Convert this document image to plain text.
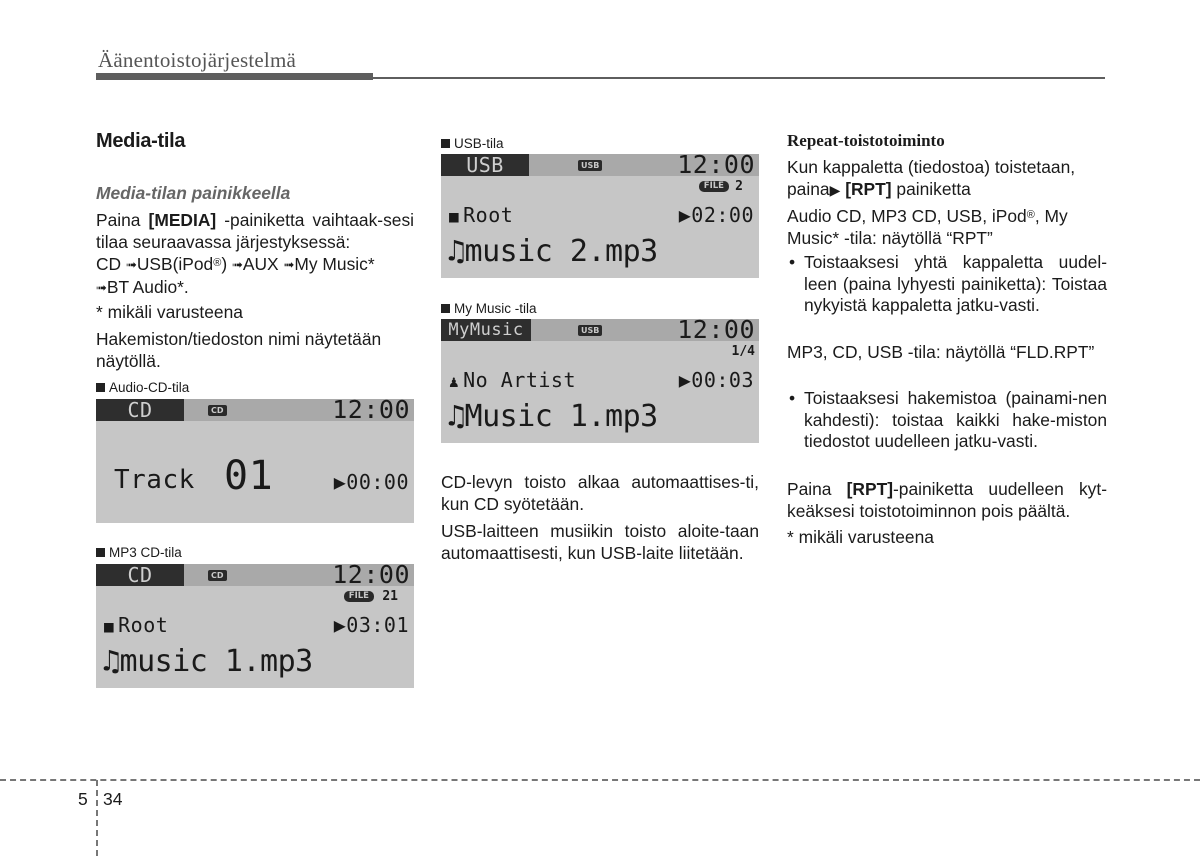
Äänentoistojärjestelmä
Media-tila
Media-tilan painikkeella
Paina [MEDIA] -painiketta vaihtaak-sesi tilaa seuraavassa järjestyksessä:
CD ➟USB(iPod®) ➟AUX ➟My Music*
➟BT Audio*.
* mikäli varusteena
Hakemiston/tiedoston nimi näytetään näytöllä.
Audio-CD-tila
CD	CD	12:00
Track 01	▶00:00
MP3 CD-tila
CD	CD	12:00
FILE	21
■ Root	▶03:01
♫music 1.mp3
USB-tila
USB	USB	12:00
FILE 2
■ Root	▶02:00
♫music 2.mp3
My Music -tila
MyMusic	USB	12:00
1/4
♟ No Artist	▶00:03
♫Music 1.mp3
CD-levyn toisto alkaa automaattises-ti, kun CD syötetään.
USB-laitteen musiikin toisto aloite-taan automaattisesti, kun USB-laite liitetään.
Repeat-toistotoiminto
Kun kappaletta (tiedostoa) toistetaan,
paina▶ [RPT] painiketta
Audio CD, MP3 CD, USB, iPod®, My Music* -tila: näytöllä “RPT”
• Toistaaksesi yhtä kappaletta uudel-leen (paina lyhyesti painiketta): Toistaa nykyistä kappaletta jatku-vasti.
MP3, CD, USB -tila: näytöllä “FLD.RPT”
• Toistaaksesi hakemistoa (painami-nen kahdesti): toistaa kaikki hake-miston tiedostot uudelleen jatku-vasti.
Paina [RPT]-painiketta uudelleen kyt-keäksesi toistotoiminnon pois päältä.
* mikäli varusteena
5 34
